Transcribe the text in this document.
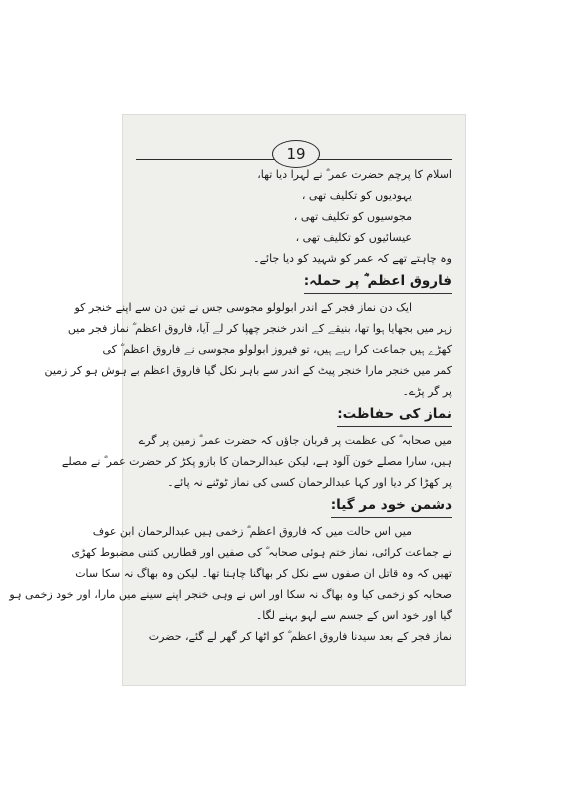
19
اسلام کا پرچم حضرت عمر ؓ نے لہرا دیا تھا،
یہودیوں کو تکلیف تھی ،
مجوسیوں کو تکلیف تھی ،
عیسائیوں کو تکلیف تھی ،
وہ چاہتے تھے کہ عمر کو شہید کو دیا جائے۔
فاروق اعظم ؓ پر حملہ:
ایک دن نماز فجر کے اندر ابولولو مجوسی جس نے تین دن سے اپنے خنجر کو
زہر میں بجھایا ہوا تھا، بنیقے کے اندر خنجر چھپا کر لے آیا، فاروق اعظم ؓ نماز فجر میں
کھڑے ہیں جماعت کرا رہے ہیں، تو فیروز ابولولو مجوسی نے فاروق اعظم ؓ کی
کمر میں خنجر مارا خنجر پیٹ کے اندر سے باہر نکل گیا فاروق اعظم بے ہوش ہو کر زمین
پر گر پڑے۔
نماز کی حفاظت:
میں صحابہ ؓ کی عظمت پر قربان جاؤں کہ حضرت عمر ؓ زمین پر گرے
ہیں، سارا مصلے خون آلود ہے، لیکن عبدالرحمان کا بازو پکڑ کر حضرت عمر ؓ نے مصلے
پر کھڑا کر دیا اور کہا عبدالرحمان کسی کی نماز ٹوٹنے نہ پائے۔
دشمن خود مر گیا:
میں اس حالت میں کہ فاروق اعظم ؓ زخمی ہیں عبدالرحمان ابن عوف
نے جماعت کرائی، نماز ختم ہوئی صحابہ ؓ کی صفیں اور قطاریں کتنی مضبوط کھڑی
تھیں کہ وہ قاتل ان صفوں سے نکل کر بھاگنا چاہتا تھا۔ لیکن وہ بھاگ نہ سکا سات
صحابہ کو زخمی کیا وہ بھاگ نہ سکا اور اس نے وہی خنجر اپنے سینے میں مارا، اور خود زخمی ہو
گیا اور خود اس کے جسم سے لہو بہنے لگا۔
نماز فجر کے بعد سیدنا فاروق اعظم ؓ کو اٹھا کر گھر لے گئے، حضرت
